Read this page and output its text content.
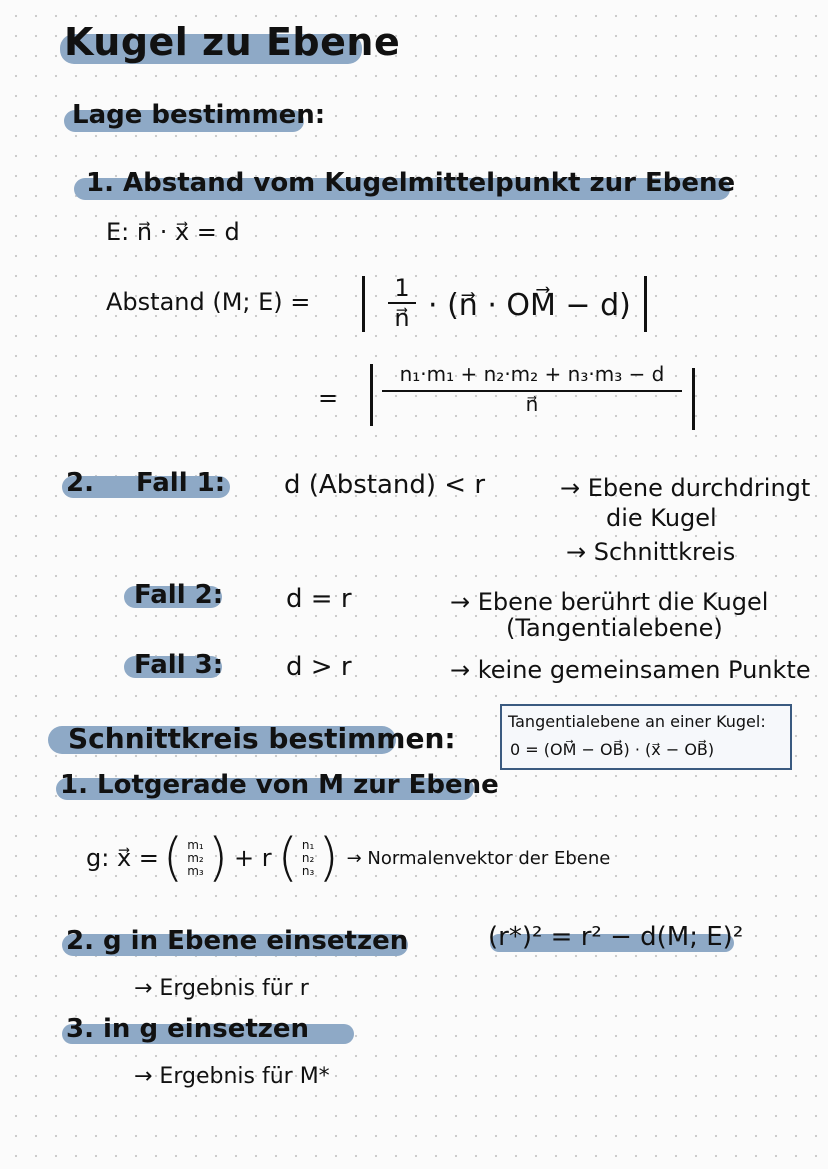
Kugel zu Ebene
Lage bestimmen:
1. Abstand vom Kugelmittelpunkt zur Ebene
E: n⃗ · x⃗ = d
Abstand (M; E) =	1
n⃗ · (n⃗ · OM⃗ − d)
=
n₁·m₁ + n₂·m₂ + n₃·m₃ − d
n⃗
2. Fall 1: d (Abstand) < r	→ Ebene durchdringt
die Kugel
→ Schnittkreis
Fall 2: d = r	→ Ebene berührt die Kugel
(Tangentialebene)
Fall 3: d > r	→ keine gemeinsamen Punkte
Tangentialebene an einer Kugel:
0 = (OM⃗ − OB⃗) · (x⃗ − OB⃗)
Schnittkreis bestimmen:
1. Lotgerade von M zur Ebene
g: x⃗ = ( m₁
m₂
m₃ ) + r ( n₁
n₂
n₃ ) → Normalenvektor der Ebene
2. g in Ebene einsetzen	(r*)² = r² − d(M; E)²
→ Ergebnis für r
3. in g einsetzen
→ Ergebnis für M*
